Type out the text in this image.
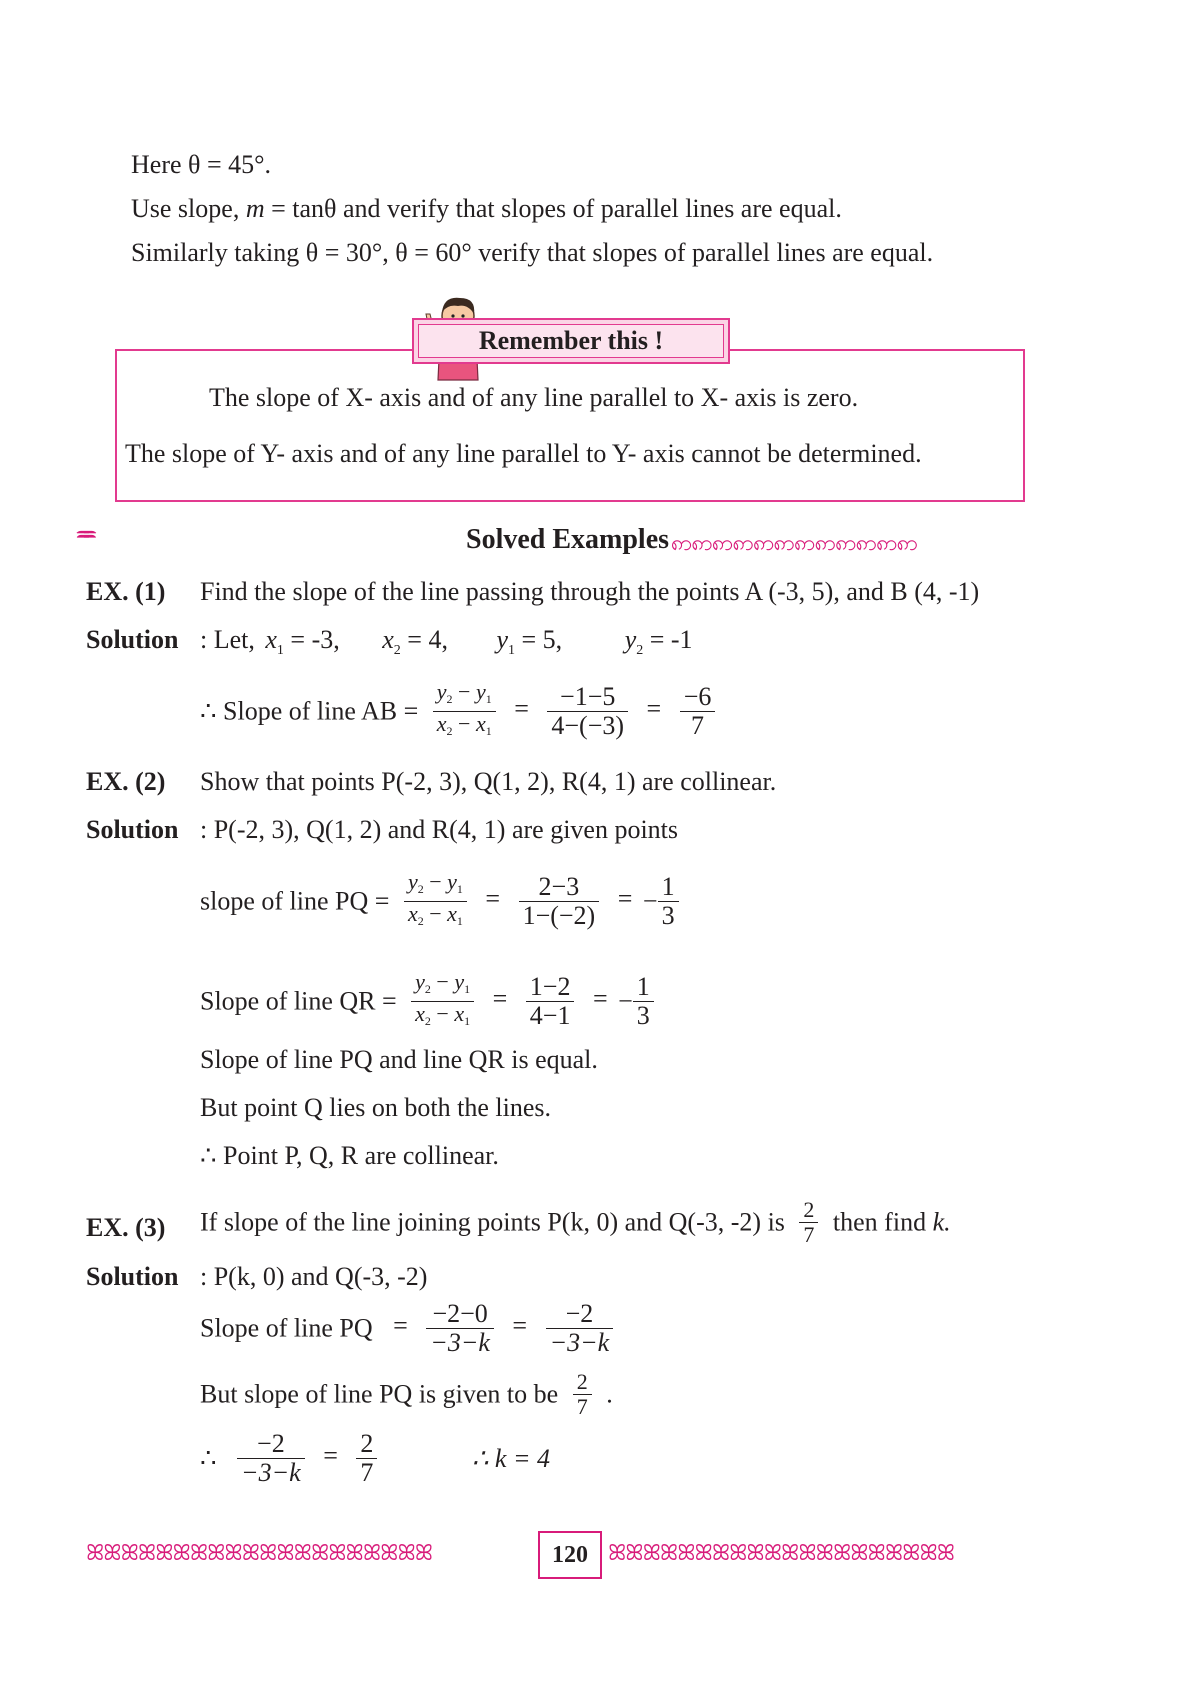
Here θ = 45°.
Use slope, m = tanθ and verify that slopes of parallel lines are equal.
Similarly taking θ = 30°, θ = 60° verify that slopes of parallel lines are equal.
The slope of X- axis and of any line parallel to X- axis is zero.
The slope of Y- axis and of any line parallel to Y- axis cannot be determined.
Remember this !
Solved Examples ꩱꩱꩱꩱꩱꩱꩱꩱꩱꩱꩱꩱ
EX. (1) Find the slope of the line passing through the points A (-3, 5), and B (4, -1)
Solution : Let, $x_1 = -3$, $x_2 = 4$, $y_1 = 5$, $y_2 = -1$
∴ Slope of line AB = $\frac{y_2 - y_1}{x_2 - x_1} = \frac{-1-5}{4-(-3)} = \frac{-6}{7}$
EX. (2) Show that points P(-2, 3), Q(1, 2), R(4, 1) are collinear.
Solution : P(-2, 3), Q(1, 2) and R(4, 1) are given points
slope of line PQ = $\frac{y_2 - y_1}{x_2 - x_1} = \frac{2-3}{1-(-2)}$ = − $\frac{1}{3}$
Slope of line QR = $\frac{y_2 - y_1}{x_2 - x_1} = \frac{1-2}{4-1}$ = − $\frac{1}{3}$
Slope of line PQ and line QR is equal.
But point Q lies on both the lines.
∴ Point P, Q, R are collinear.
EX. (3) If slope of the line joining points P(k, 0) and Q(-3, -2) is $\frac{2}{7}$ then find k.
Solution : P(k, 0) and Q(-3, -2)
Slope of line PQ = $\frac{-2-0}{-3-k} = \frac{-2}{-3-k}$
But slope of line PQ is given to be $\frac{2}{7}$ .
∴ $\frac{-2}{-3-k} = \frac{2}{7}$	∴ k = 4
ꕤꕤꕤꕤꕤꕤꕤꕤꕤꕤꕤꕤꕤꕤꕤꕤꕤꕤꕤꕤ	120 ꕤꕤꕤꕤꕤꕤꕤꕤꕤꕤꕤꕤꕤꕤꕤꕤꕤꕤꕤꕤ
